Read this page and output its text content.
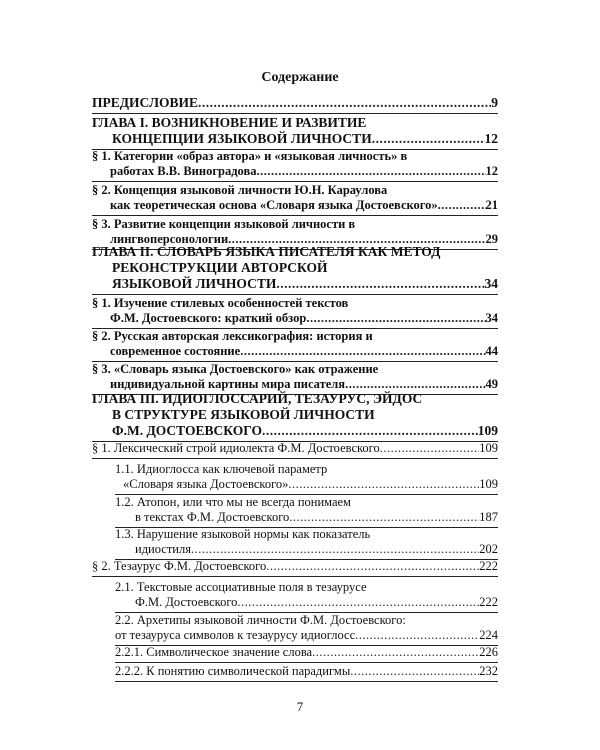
Содержание
ПРЕДИСЛОВИЕ .....	9
ГЛАВА I. ВОЗНИКНОВЕНИЕ И РАЗВИТИЕ
КОНЦЕПЦИИ ЯЗЫКОВОЙ ЛИЧНОСТИ .....	12
§ 1. Категории «образ автора» и «языковая личность» в
работах В.В. Виноградова .....	12
§ 2. Концепция языковой личности Ю.Н. Караулова
как теоретическая основа «Словаря языка Достоевского» .....	21
§ 3. Развитие концепции языковой личности в
лингвоперсонологии .....	29
ГЛАВА II. СЛОВАРЬ ЯЗЫКА ПИСАТЕЛЯ КАК МЕТОД
РЕКОНСТРУКЦИИ АВТОРСКОЙ
ЯЗЫКОВОЙ ЛИЧНОСТИ .....	34
§ 1. Изучение стилевых особенностей текстов
Ф.М. Достоевского: краткий обзор .....	34
§ 2. Русская авторская лексикография: история и
современное состояние .....	44
§ 3. «Словарь языка Достоевского» как отражение
индивидуальной картины мира писателя .....	49
ГЛАВА III. ИДИОГЛОССАРИЙ, ТЕЗАУРУС, ЭЙДОС
В СТРУКТУРЕ ЯЗЫКОВОЙ ЛИЧНОСТИ
Ф.М. ДОСТОЕВСКОГО .....	109
§ 1. Лексический строй идиолекта Ф.М. Достоевского .....	109
1.1. Идиоглосса как ключевой параметр
«Словаря языка Достоевского» .....	109
1.2. Атопон, или что мы не всегда понимаем
в текстах Ф.М. Достоевского .....	187
1.3. Нарушение языковой нормы как показатель
идиостиля .....	202
§ 2. Тезаурус Ф.М. Достоевского .....	222
2.1. Текстовые ассоциативные поля в тезаурусе
Ф.М. Достоевского .....	222
2.2. Архетипы языковой личности Ф.М. Достоевского:
от тезауруса символов к тезаурусу идиоглосс .....	224
2.2.1. Символическое значение слова .....	226
2.2.2. К понятию символической парадигмы .....	232
7
